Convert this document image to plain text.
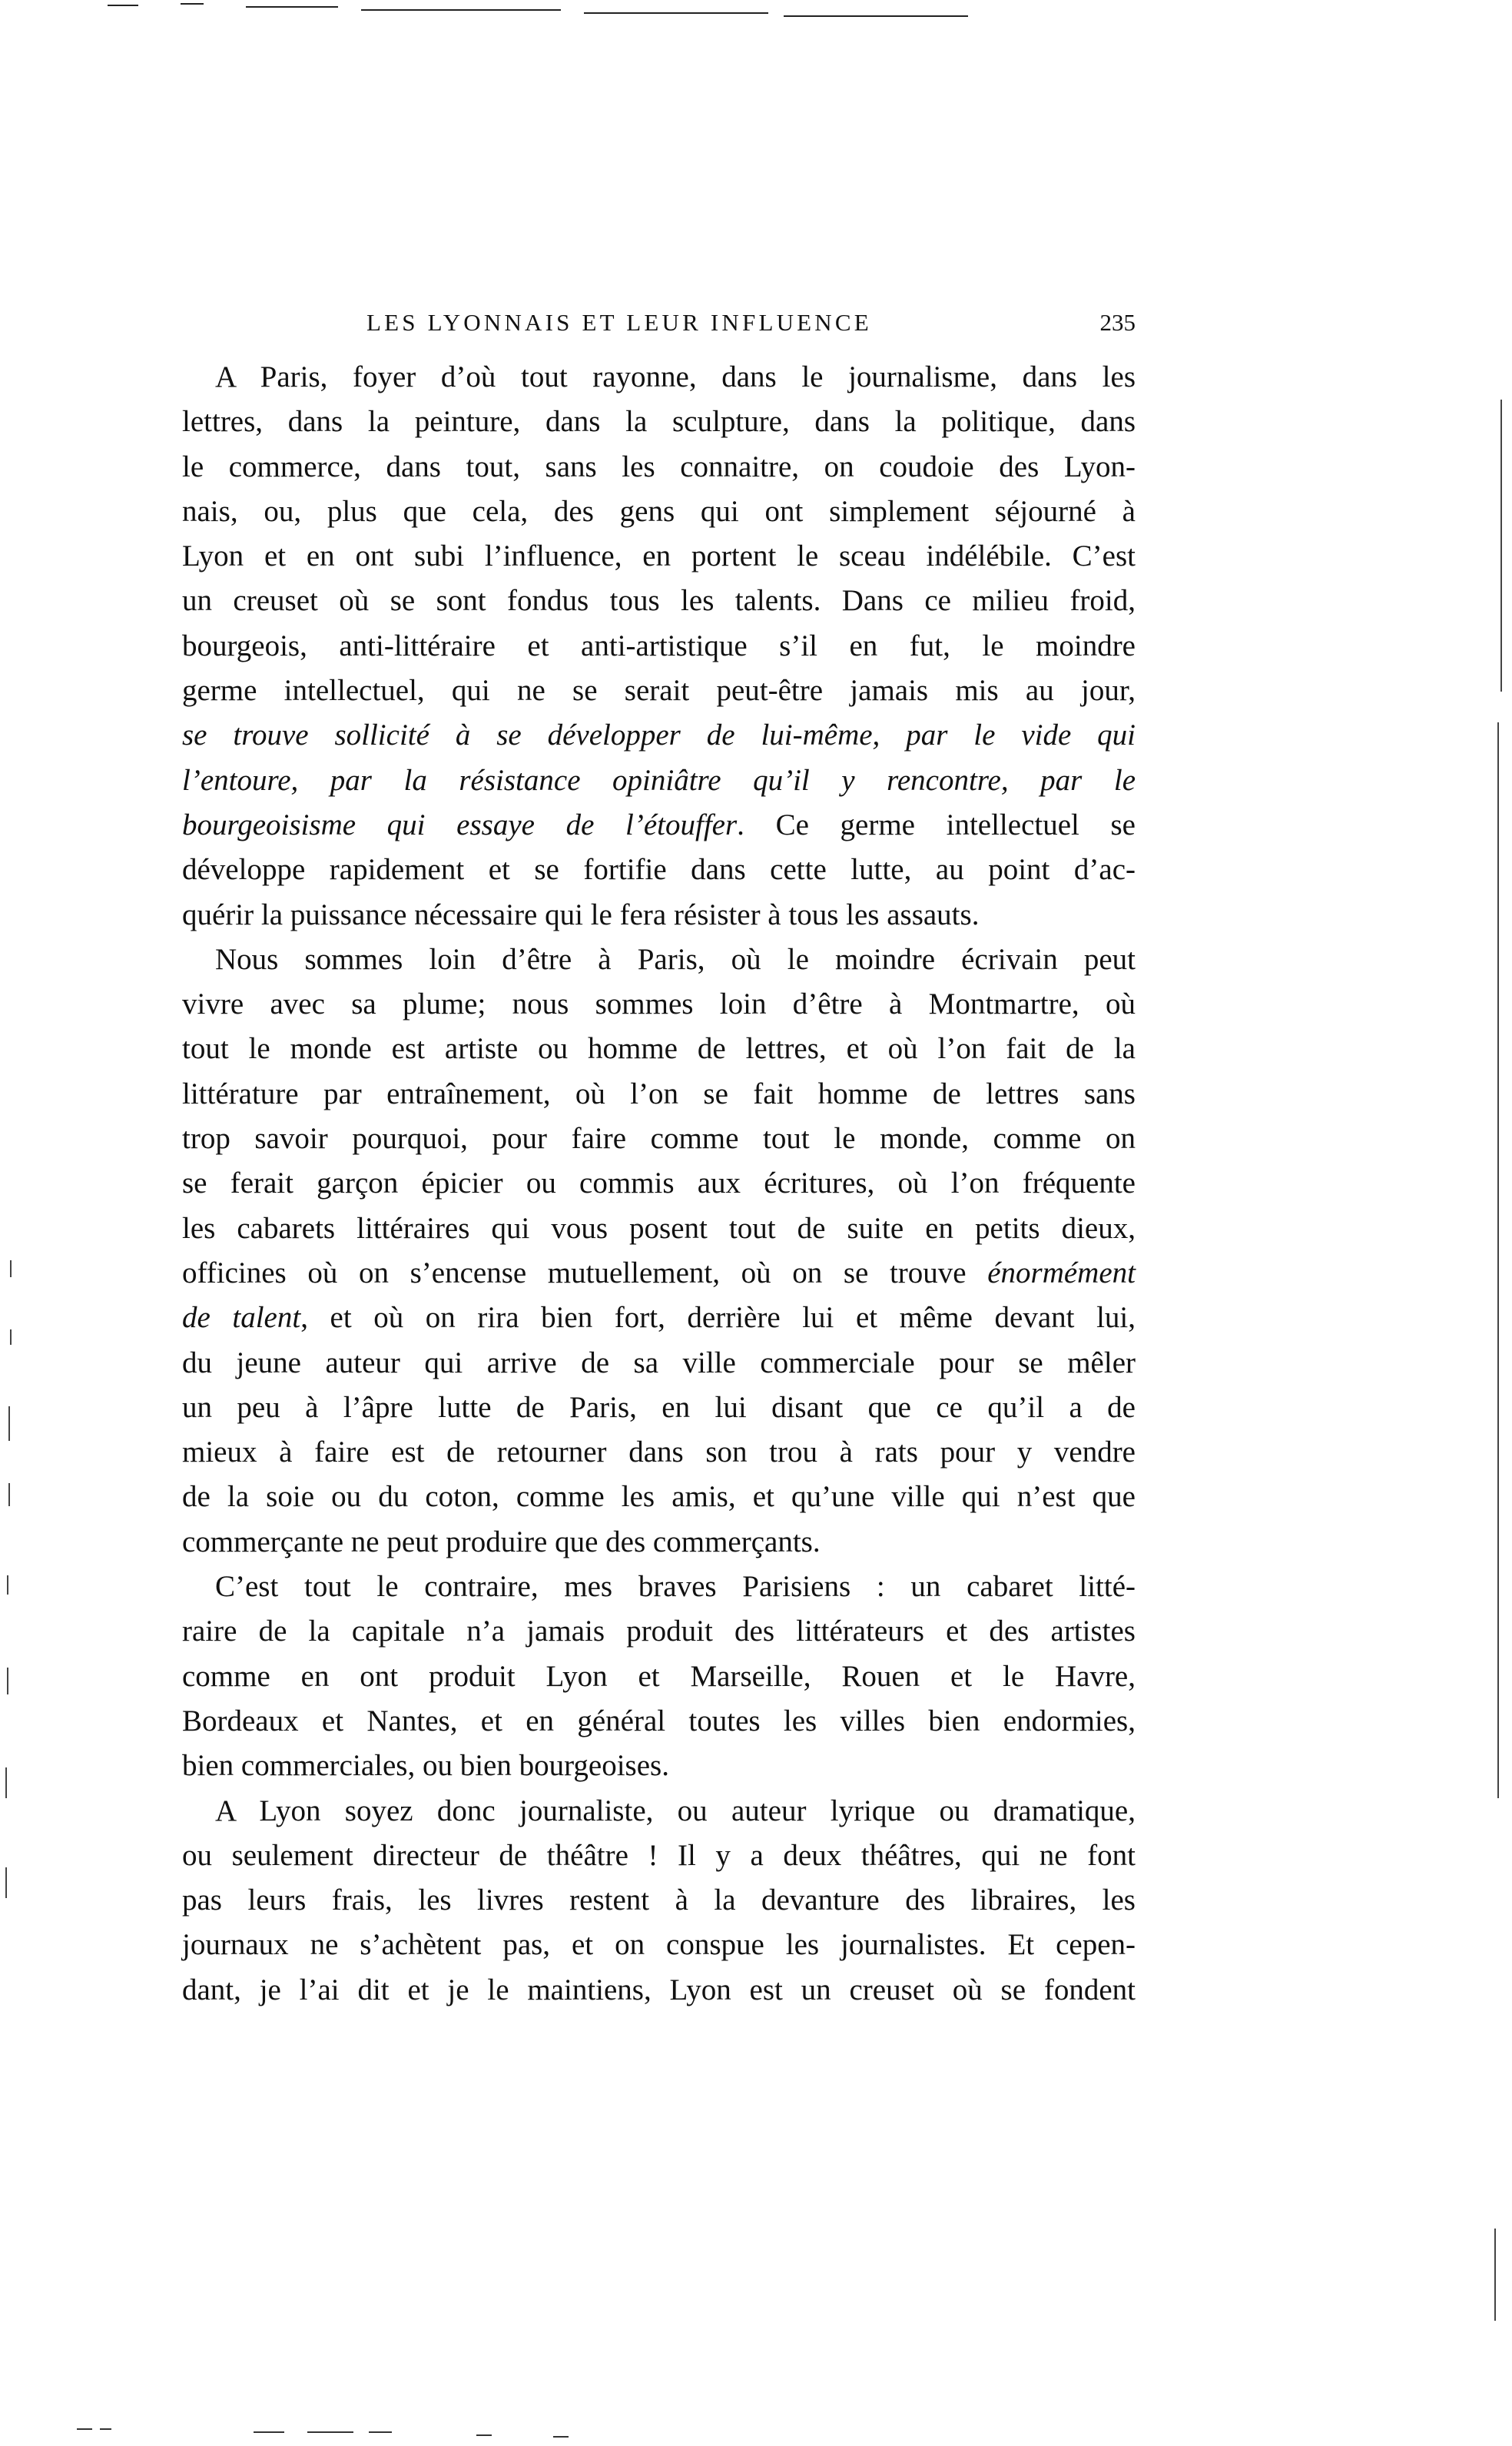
LES LYONNAIS ET LEUR INFLUENCE	235
A Paris, foyer d’où tout rayonne, dans le journalisme, dans les
lettres, dans la peinture, dans la sculpture, dans la politique, dans
le commerce, dans tout, sans les connaitre, on coudoie des Lyon-
nais, ou, plus que cela, des gens qui ont simplement séjourné à
Lyon et en ont subi l’influence, en portent le sceau indélébile. C’est
un creuset où se sont fondus tous les talents. Dans ce milieu froid,
bourgeois, anti-littéraire et anti-artistique s’il en fut, le moindre
germe intellectuel, qui ne se serait peut-être jamais mis au jour,
se trouve sollicité à se développer de lui-même, par le vide qui
l’entoure, par la résistance opiniâtre qu’il y rencontre, par le
bourgeoisisme qui essaye de l’étouffer. Ce germe intellectuel se
développe rapidement et se fortifie dans cette lutte, au point d’ac-
quérir la puissance nécessaire qui le fera résister à tous les assauts.
Nous sommes loin d’être à Paris, où le moindre écrivain peut
vivre avec sa plume; nous sommes loin d’être à Montmartre, où
tout le monde est artiste ou homme de lettres, et où l’on fait de la
littérature par entraînement, où l’on se fait homme de lettres sans
trop savoir pourquoi, pour faire comme tout le monde, comme on
se ferait garçon épicier ou commis aux écritures, où l’on fréquente
les cabarets littéraires qui vous posent tout de suite en petits dieux,
officines où on s’encense mutuellement, où on se trouve énormément
de talent, et où on rira bien fort, derrière lui et même devant lui,
du jeune auteur qui arrive de sa ville commerciale pour se mêler
un peu à l’âpre lutte de Paris, en lui disant que ce qu’il a de
mieux à faire est de retourner dans son trou à rats pour y vendre
de la soie ou du coton, comme les amis, et qu’une ville qui n’est que
commerçante ne peut produire que des commerçants.
C’est tout le contraire, mes braves Parisiens : un cabaret litté-
raire de la capitale n’a jamais produit des littérateurs et des artistes
comme en ont produit Lyon et Marseille, Rouen et le Havre,
Bordeaux et Nantes, et en général toutes les villes bien endormies,
bien commerciales, ou bien bourgeoises.
A Lyon soyez donc journaliste, ou auteur lyrique ou dramatique,
ou seulement directeur de théâtre ! Il y a deux théâtres, qui ne font
pas leurs frais, les livres restent à la devanture des libraires, les
journaux ne s’achètent pas, et on conspue les journalistes. Et cepen-
dant, je l’ai dit et je le maintiens, Lyon est un creuset où se fondent
